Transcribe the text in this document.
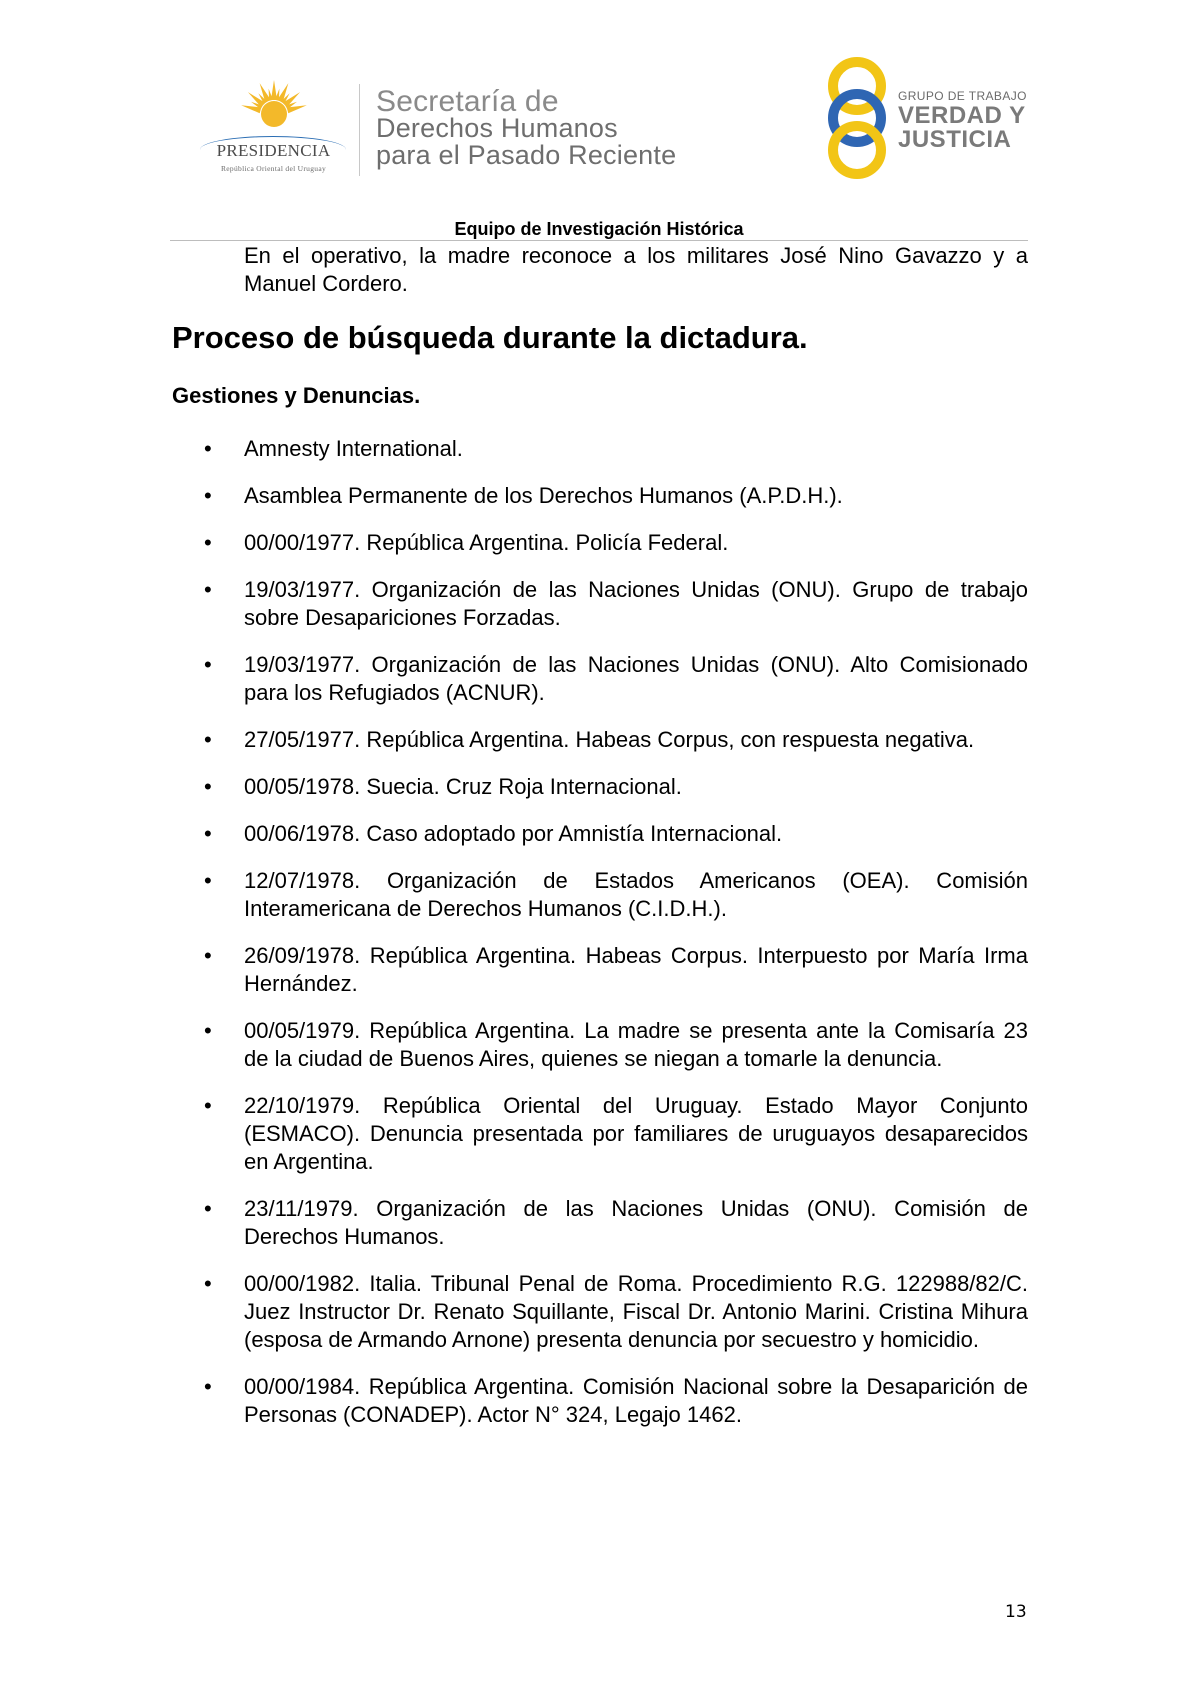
PRESIDENCIA
República Oriental del Uruguay
Secretaría de
Derechos Humanos
para el Pasado Reciente
GRUPO DE TRABAJO
VERDAD Y
JUSTICIA
Equipo de Investigación Histórica

En el operativo, la madre reconoce a los militares José Nino Gavazzo y a Manuel Cordero.

Proceso de búsqueda durante la dictadura.
Gestiones y Denuncias.
• Amnesty International.
• Asamblea Permanente de los Derechos Humanos (A.P.D.H.).
• 00/00/1977. República Argentina. Policía Federal.
• 19/03/1977. Organización de las Naciones Unidas (ONU). Grupo de trabajo sobre Desapariciones Forzadas.
• 19/03/1977. Organización de las Naciones Unidas (ONU). Alto Comisionado para los Refugiados (ACNUR).
• 27/05/1977. República Argentina. Habeas Corpus, con respuesta negativa.
• 00/05/1978. Suecia. Cruz Roja Internacional.
• 00/06/1978. Caso adoptado por Amnistía Internacional.
• 12/07/1978. Organización de Estados Americanos (OEA). Comisión Interamericana de Derechos Humanos (C.I.D.H.).
• 26/09/1978. República Argentina. Habeas Corpus. Interpuesto por María Irma Hernández.
• 00/05/1979. República Argentina. La madre se presenta ante la Comisaría 23 de la ciudad de Buenos Aires, quienes se niegan a tomarle la denuncia.
• 22/10/1979. República Oriental del Uruguay. Estado Mayor Conjunto (ESMACO). Denuncia presentada por familiares de uruguayos desaparecidos en Argentina.
• 23/11/1979. Organización de las Naciones Unidas (ONU). Comisión de Derechos Humanos.
• 00/00/1982. Italia. Tribunal Penal de Roma. Procedimiento R.G. 122988/82/C. Juez Instructor Dr. Renato Squillante, Fiscal Dr. Antonio Marini. Cristina Mihura (esposa de Armando Arnone) presenta denuncia por secuestro y homicidio.
• 00/00/1984. República Argentina. Comisión Nacional sobre la Desaparición de Personas (CONADEP). Actor N° 324, Legajo 1462.
13
